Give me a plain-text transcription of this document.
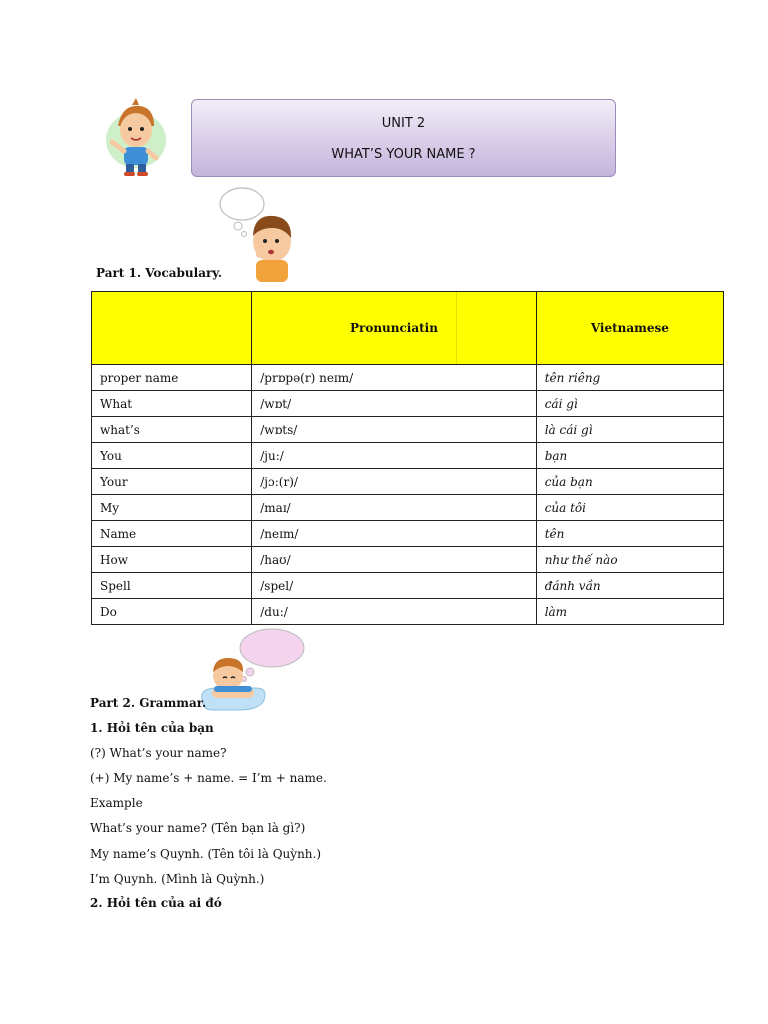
UNIT 2
WHAT’S YOUR NAME ?
Part 1. Vocabulary.
	Pronunciatin	Vietnamese
proper name	/prɒpə(r) neɪm/	tên riêng
What	/wɒt/	cái gì
what’s	/wɒts/	là cái gì
You	/ju:/	bạn
Your	/jɔ:(r)/	của bạn
My	/maɪ/	của tôi
Name	/neɪm/	tên
How	/haʊ/	như thế nào
Spell	/spel/	đánh vần
Do	/du:/	làm
Part 2. Grammar.
1. Hỏi tên của bạn
(?) What’s your name?
(+) My name’s + name. = I’m + name.
Example
What’s your name? (Tên bạn là gì?)
My name’s Quynh. (Tên tôi là Quỳnh.)
I’m Quynh. (Mình là Quỳnh.)
2. Hỏi tên của ai đó
